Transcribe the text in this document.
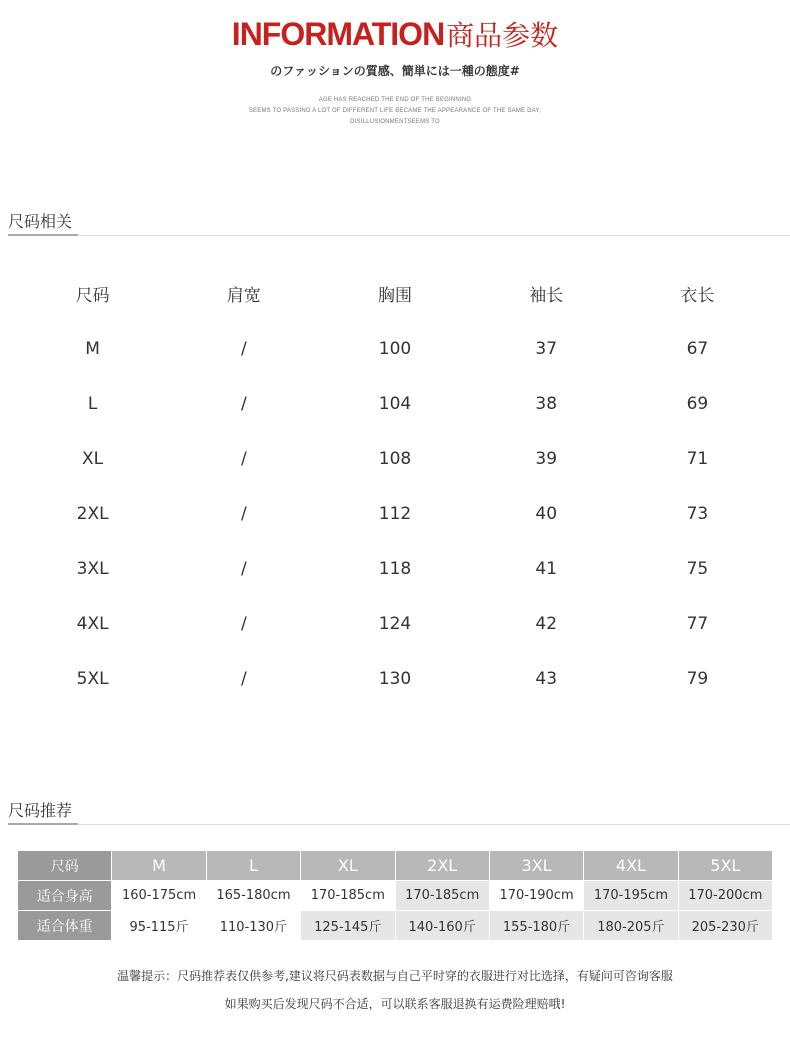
INFORMATION 商品参数
のファッションの質感、簡単には一種の態度#
AGE HAS REACHED THE END OF THE BEGINNING
SEEMS TO PASSING A LOT OF DIFFERENT LIFE BECAME THE APPEARANCE OF THE SAME DAY;
DISILLUSIONMENTSEEMS TO
尺码相关
尺码	肩宽	胸围	袖长	衣长
M	/	100	37	67
L	/	104	38	69
XL	/	108	39	71
2XL	/	112	40	73
3XL	/	118	41	75
4XL	/	124	42	77
5XL	/	130	43	79
尺码推荐
尺码	M	L	XL	2XL	3XL	4XL	5XL
适合身高	160-175cm	165-180cm	170-185cm	170-185cm	170-190cm	170-195cm	170-200cm
适合体重	95-115斤	110-130斤	125-145斤	140-160斤	155-180斤	180-205斤	205-230斤
温馨提示：尺码推荐表仅供参考,建议将尺码表数据与自己平时穿的衣服进行对比选择，有疑问可咨询客服
如果购买后发现尺码不合适，可以联系客服退换有运费险理赔哦!
